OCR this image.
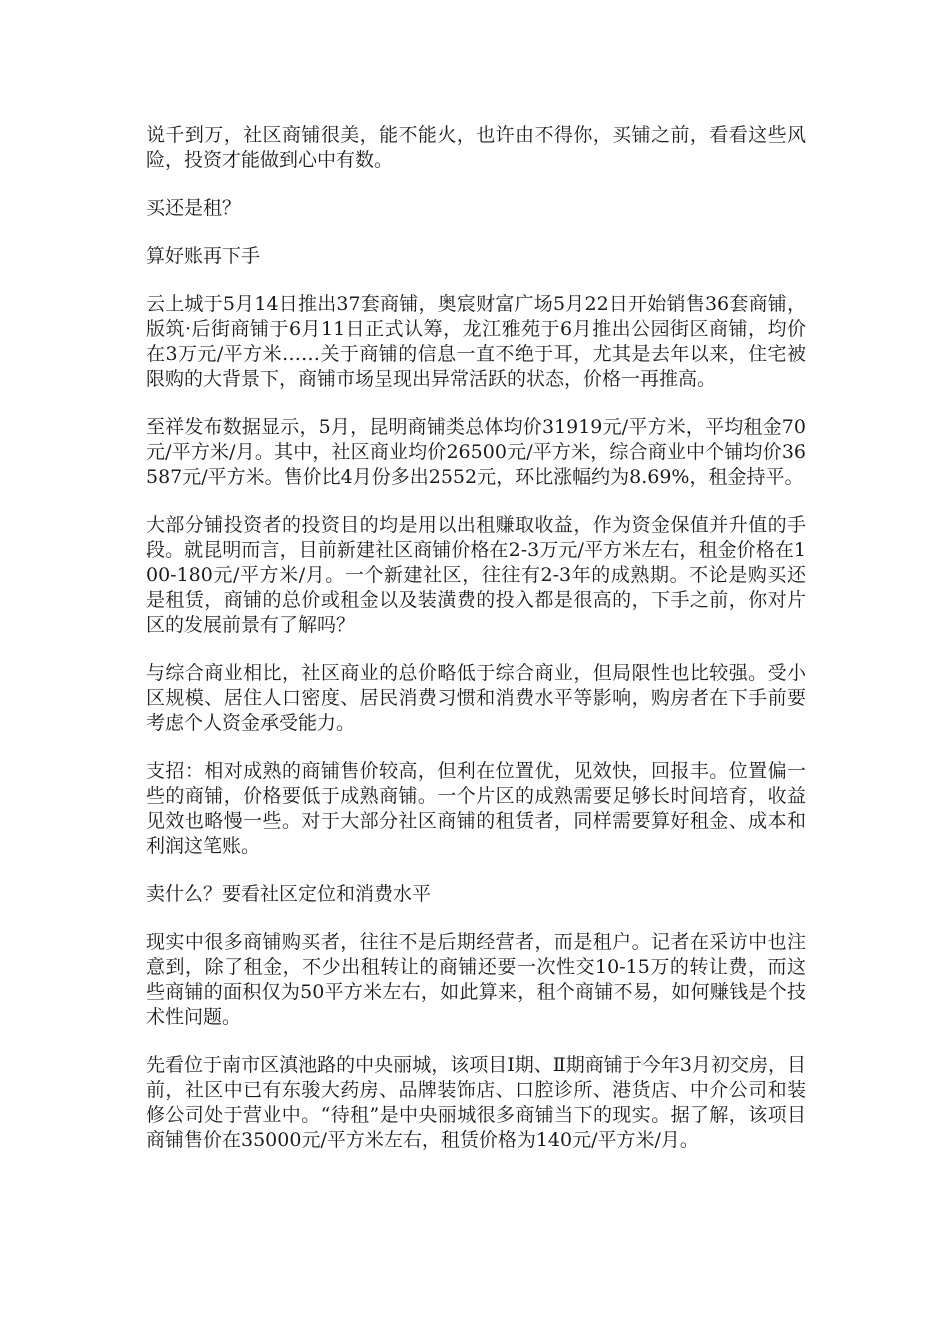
说千到万，社区商铺很美，能不能火，也许由不得你，买铺之前，看看这些风险，投资才能做到心中有数。

买还是租？

算好账再下手

云上城于5月14日推出37套商铺，奥宸财富广场5月22日开始销售36套商铺，版筑·后街商铺于6月11日正式认筹，龙江雅苑于6月推出公园街区商铺，均价在3万元/平方米……关于商铺的信息一直不绝于耳，尤其是去年以来，住宅被限购的大背景下，商铺市场呈现出异常活跃的状态，价格一再推高。

至祥发布数据显示，5月，昆明商铺类总体均价31919元/平方米，平均租金70元/平方米/月。其中，社区商业均价26500元/平方米，综合商业中个铺均价36587元/平方米。售价比4月份多出2552元，环比涨幅约为8.69%，租金持平。

大部分铺投资者的投资目的均是用以出租赚取收益，作为资金保值并升值的手段。就昆明而言，目前新建社区商铺价格在2-3万元/平方米左右，租金价格在100-180元/平方米/月。一个新建社区，往往有2-3年的成熟期。不论是购买还是租赁，商铺的总价或租金以及装潢费的投入都是很高的，下手之前，你对片区的发展前景有了解吗？

与综合商业相比，社区商业的总价略低于综合商业，但局限性也比较强。受小区规模、居住人口密度、居民消费习惯和消费水平等影响，购房者在下手前要考虑个人资金承受能力。

支招：相对成熟的商铺售价较高，但利在位置优，见效快，回报丰。位置偏一些的商铺，价格要低于成熟商铺。一个片区的成熟需要足够长时间培育，收益见效也略慢一些。对于大部分社区商铺的租赁者，同样需要算好租金、成本和利润这笔账。

卖什么？要看社区定位和消费水平

现实中很多商铺购买者，往往不是后期经营者，而是租户。记者在采访中也注意到，除了租金，不少出租转让的商铺还要一次性交10-15万的转让费，而这些商铺的面积仅为50平方米左右，如此算来，租个商铺不易，如何赚钱是个技术性问题。

先看位于南市区滇池路的中央丽城，该项目Ⅰ期、Ⅱ期商铺于今年3月初交房，目前，社区中已有东骏大药房、品牌装饰店、口腔诊所、港货店、中介公司和装修公司处于营业中。“待租”是中央丽城很多商铺当下的现实。据了解，该项目商铺售价在35000元/平方米左右，租赁价格为140元/平方米/月。
